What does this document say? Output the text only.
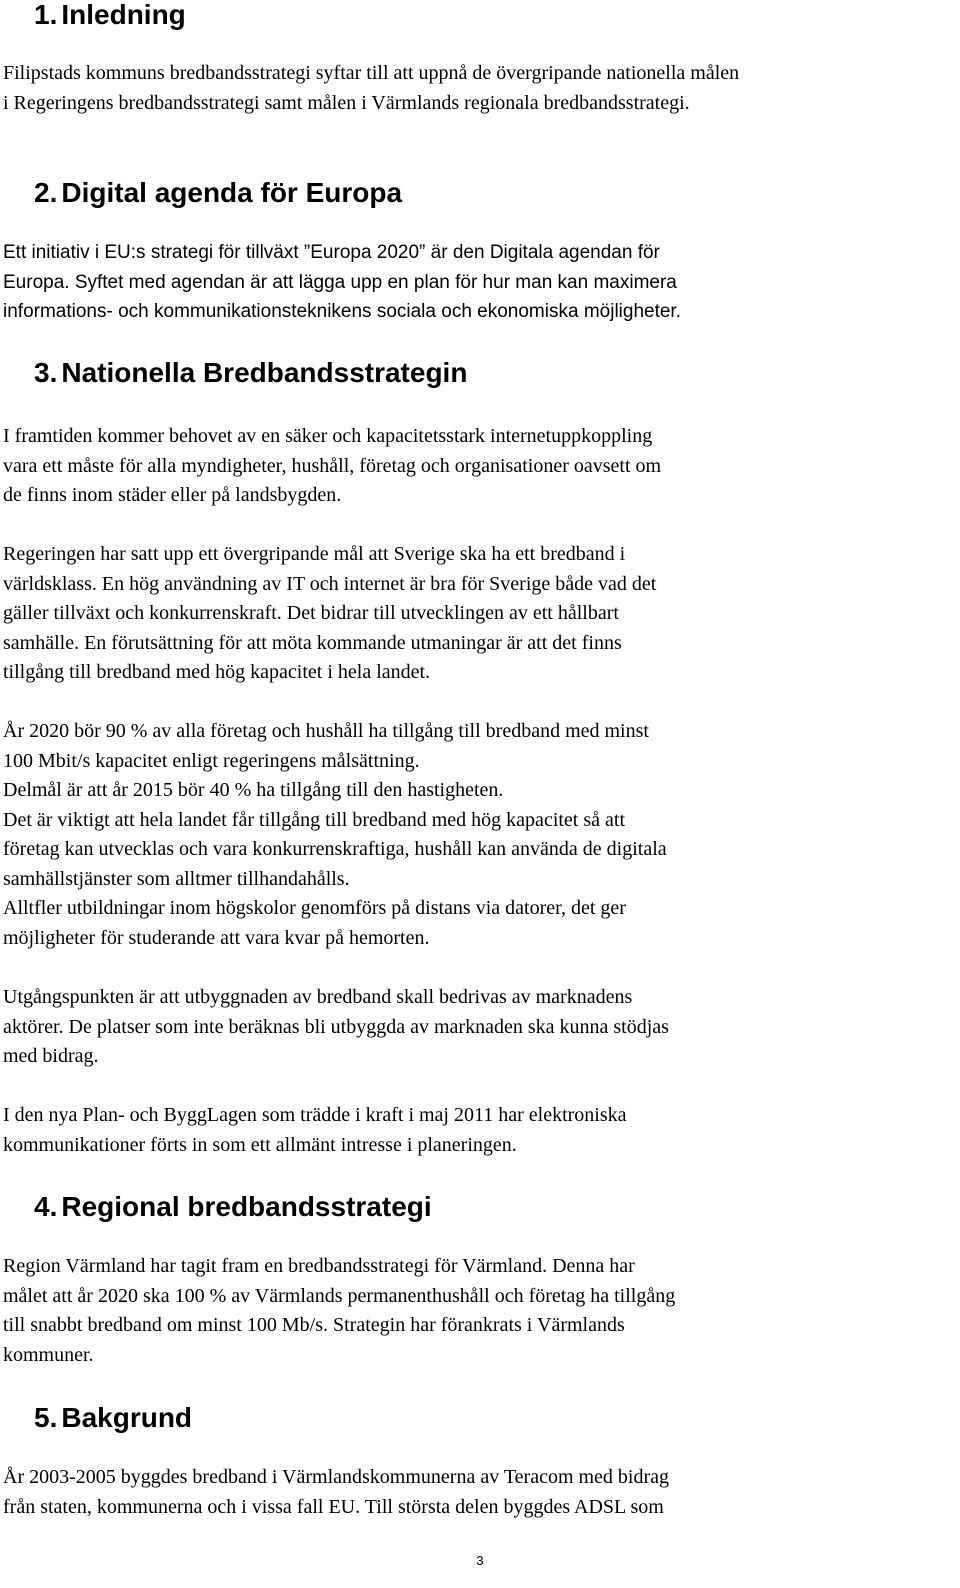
1. Inledning

Filipstads kommuns bredbandsstrategi syftar till att uppnå de övergripande nationella målen
i Regeringens bredbandsstrategi samt målen i Värmlands regionala bredbandsstrategi.

2. Digital agenda för Europa

Ett initiativ i EU:s strategi för tillväxt ”Europa 2020” är den Digitala agendan för
Europa. Syftet med agendan är att lägga upp en plan för hur man kan maximera
informations- och kommunikationsteknikens sociala och ekonomiska möjligheter.

3. Nationella Bredbandsstrategin

I framtiden kommer behovet av en säker och kapacitetsstark internetuppkoppling
vara ett måste för alla myndigheter, hushåll, företag och organisationer oavsett om
de finns inom städer eller på landsbygden.

Regeringen har satt upp ett övergripande mål att Sverige ska ha ett bredband i
världsklass. En hög användning av IT och internet är bra för Sverige både vad det
gäller tillväxt och konkurrenskraft. Det bidrar till utvecklingen av ett hållbart
samhälle. En förutsättning för att möta kommande utmaningar är att det finns
tillgång till bredband med hög kapacitet i hela landet.

År 2020 bör 90 % av alla företag och hushåll ha tillgång till bredband med minst
100 Mbit/s kapacitet enligt regeringens målsättning.
Delmål är att år 2015 bör 40 % ha tillgång till den hastigheten.
Det är viktigt att hela landet får tillgång till bredband med hög kapacitet så att
företag kan utvecklas och vara konkurrenskraftiga, hushåll kan använda de digitala
samhällstjänster som alltmer tillhandahålls.
Alltfler utbildningar inom högskolor genomförs på distans via datorer, det ger
möjligheter för studerande att vara kvar på hemorten.

Utgångspunkten är att utbyggnaden av bredband skall bedrivas av marknadens
aktörer. De platser som inte beräknas bli utbyggda av marknaden ska kunna stödjas
med bidrag.

I den nya Plan- och ByggLagen som trädde i kraft i maj 2011 har elektroniska
kommunikationer förts in som ett allmänt intresse i planeringen.

4. Regional bredbandsstrategi

Region Värmland har tagit fram en bredbandsstrategi för Värmland. Denna har
målet att år 2020 ska 100 % av Värmlands permanenthushåll och företag ha tillgång
till snabbt bredband om minst 100 Mb/s. Strategin har förankrats i Värmlands
kommuner.

5. Bakgrund

År 2003-2005 byggdes bredband i Värmlandskommunerna av Teracom med bidrag
från staten, kommunerna och i vissa fall EU. Till största delen byggdes ADSL som

3
